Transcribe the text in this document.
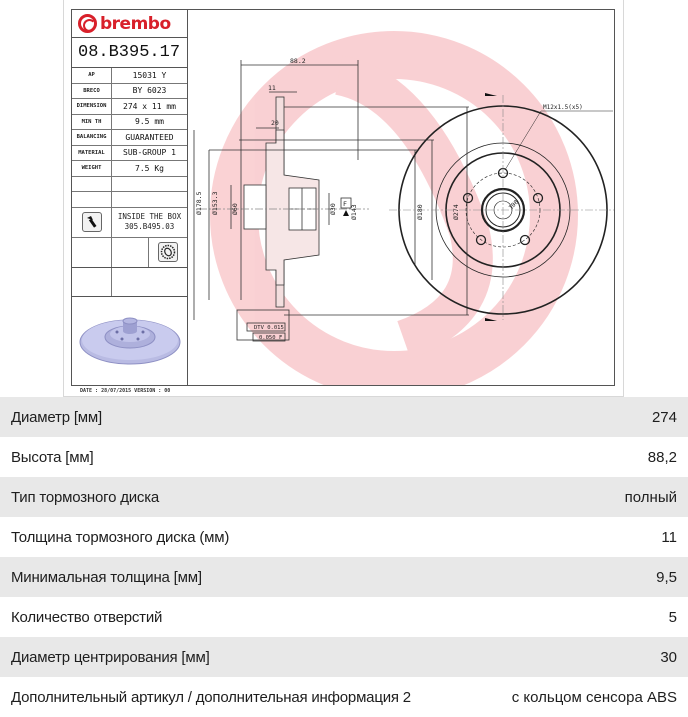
brembo
08.B395.17
AP	15031 Y
BRECO	BY 6023
DIMENSION	274 x 11 mm
MIN TH	9.5 mm
BALANCING	GUARANTEED
MATERIAL	SUB-GROUP 1
WEIGHT	7.5 Kg
INSIDE THE BOX
305.B495.03
88.2
11
20
Ø178.5 Ø153.3 Ø60	Ø30 F
Ø143	Ø180	Ø274
DTV 0.015
0.050 F
M12x1.5(x5)
108
DATE : 28/07/2015 VERSION : 00
Диаметр [мм]	274
Высота [мм]	88,2
Тип тормозного диска	полный
Толщина тормозного диска (мм)	11
Минимальная толщина [мм]	9,5
Количество отверстий	5
Диаметр центрирования [мм]	30
Дополнительный артикул / дополнительная информация 2	с кольцом сенсора ABS
